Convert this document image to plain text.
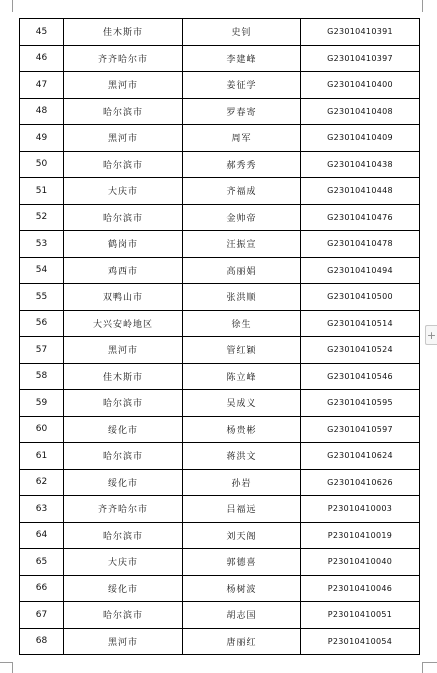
45	佳木斯市	史钊	G23010410391
46	齐齐哈尔市	李建峰	G23010410397
47	黑河市	姜征学	G23010410400
48	哈尔滨市	罗春寄	G23010410408
49	黑河市	周军	G23010410409
50	哈尔滨市	郝秀秀	G23010410438
51	大庆市	齐福成	G23010410448
52	哈尔滨市	金帅帝	G23010410476
53	鹤岗市	汪振宣	G23010410478
54	鸡西市	高丽娟	G23010410494
55	双鸭山市	张洪顺	G23010410500
56	大兴安岭地区	徐生	G23010410514
57	黑河市	管红颖	G23010410524
58	佳木斯市	陈立峰	G23010410546
59	哈尔滨市	吴成义	G23010410595
60	绥化市	杨贵彬	G23010410597
61	哈尔滨市	蒋洪文	G23010410624
62	绥化市	孙岩	G23010410626
63	齐齐哈尔市	吕福远	P23010410003
64	哈尔滨市	刘天阁	P23010410019
65	大庆市	郭德喜	P23010410040
66	绥化市	杨树波	P23010410046
67	哈尔滨市	胡志国	P23010410051
68	黑河市	唐丽红	P23010410054
+
